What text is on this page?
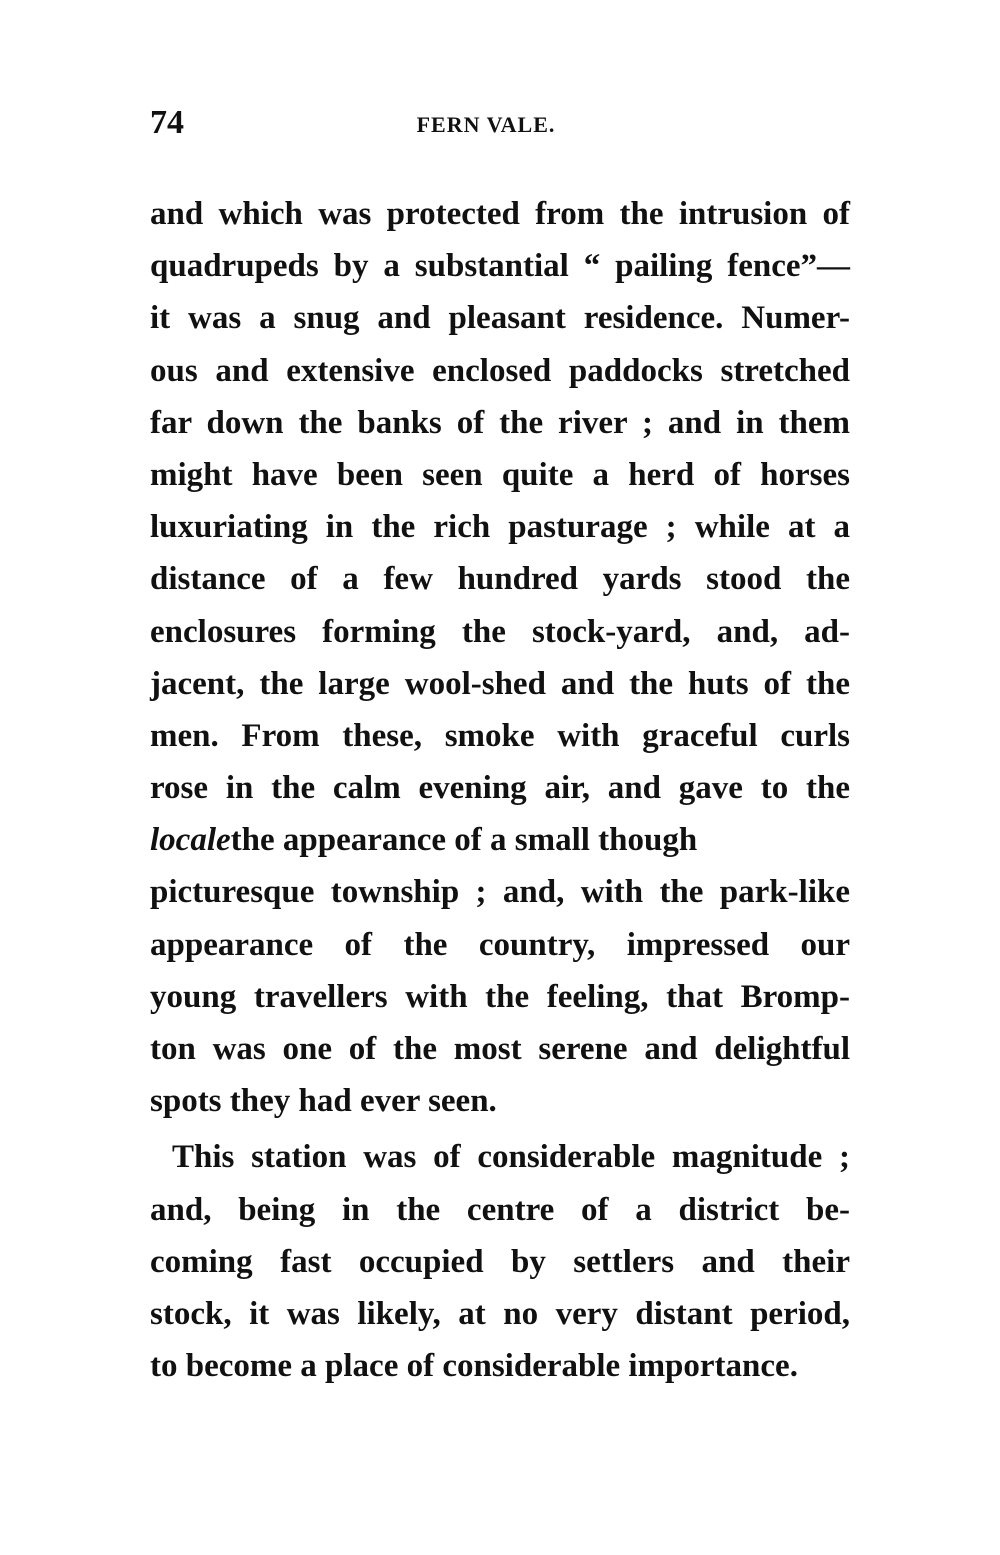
74	FERN VALE.
and which was protected from the intrusion of
quadrupeds by a substantial “ pailing fence”—
it was a snug and pleasant residence. Numer-
ous and extensive enclosed paddocks stretched
far down the banks of the river ; and in them
might have been seen quite a herd of horses
luxuriating in the rich pasturage ; while at a
distance of a few hundred yards stood the
enclosures forming the stock-yard, and, ad-
jacent, the large wool-shed and the huts of the
men. From these, smoke with graceful curls
rose in the calm evening air, and gave to the
locale the appearance of a small though
picturesque township ; and, with the park-like
appearance of the country, impressed our
young travellers with the feeling, that Bromp-
ton was one of the most serene and delightful
spots they had ever seen.
This station was of considerable magnitude ;
and, being in the centre of a district be-
coming fast occupied by settlers and their
stock, it was likely, at no very distant period,
to become a place of considerable importance.
